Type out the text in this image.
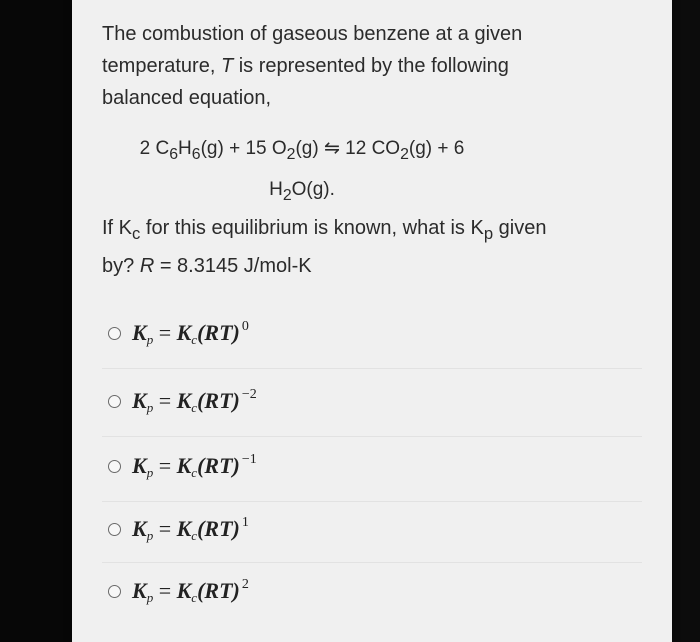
The combustion of gaseous benzene at a given temperature, T is represented by the following balanced equation,
2 $C_6H_6(g) + 15$ $O_2(g)$ ⇋ 12 $CO_2(g) + 6$
$H_2O(g)$.
If $K_c$ for this equilibrium is known, what is $K_p$ given by? R = 8.3145 J/mol-K
$K_p = K_c(RT)$ $^0$
$K_p = K_c(RT)$ $^{-2}$
$K_p = K_c(RT)$ $^{-1}$
$K_p = K_c(RT)$ $^1$
$K_p = K_c(RT)$ $^2$
